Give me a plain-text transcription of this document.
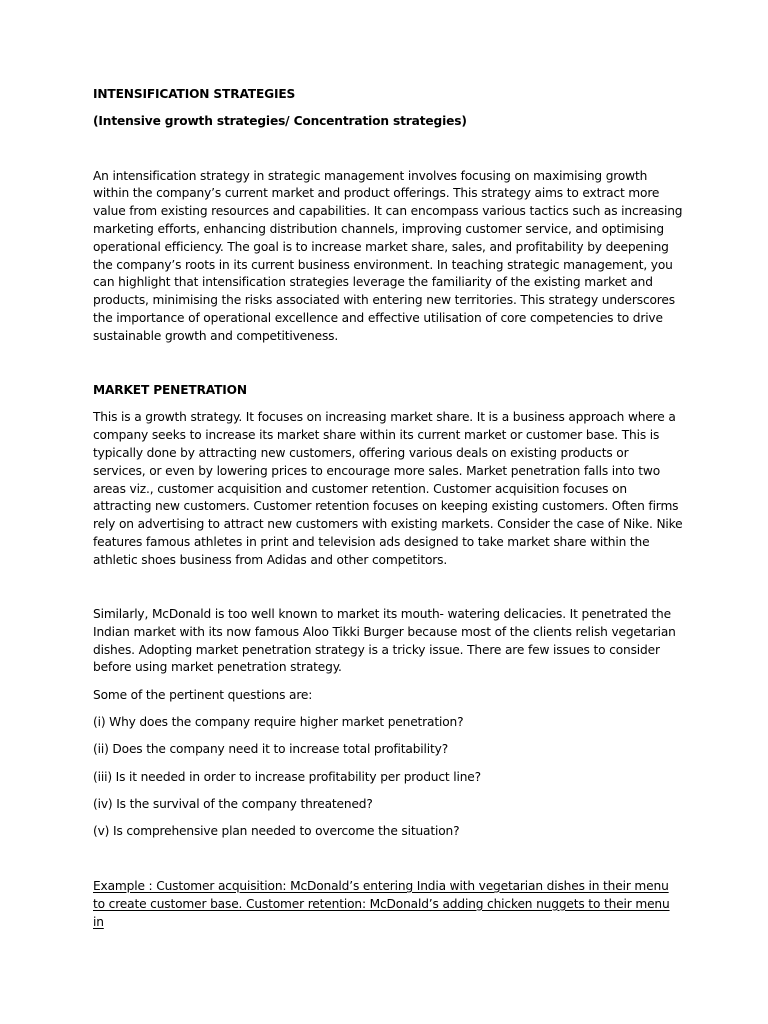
INTENSIFICATION STRATEGIES

(Intensive growth strategies/ Concentration strategies)

An intensification strategy in strategic management involves focusing on maximising growth within the company’s current market and product offerings. This strategy aims to extract more value from existing resources and capabilities. It can encompass various tactics such as increasing marketing efforts, enhancing distribution channels, improving customer service, and optimising operational efficiency. The goal is to increase market share, sales, and profitability by deepening the company’s roots in its current business environment. In teaching strategic management, you can highlight that intensification strategies leverage the familiarity of the existing market and products, minimising the risks associated with entering new territories. This strategy underscores the importance of operational excellence and effective utilisation of core competencies to drive sustainable growth and competitiveness.

MARKET PENETRATION

This is a growth strategy. It focuses on increasing market share. It is a business approach where a company seeks to increase its market share within its current market or customer base. This is typically done by attracting new customers, offering various deals on existing products or services, or even by lowering prices to encourage more sales. Market penetration falls into two areas viz., customer acquisition and customer retention. Customer acquisition focuses on attracting new customers. Customer retention focuses on keeping existing customers. Often firms rely on advertising to attract new customers with existing markets. Consider the case of Nike. Nike features famous athletes in print and television ads designed to take market share within the athletic shoes business from Adidas and other competitors.

Similarly, McDonald is too well known to market its mouth- watering delicacies. It penetrated the Indian market with its now famous Aloo Tikki Burger because most of the clients relish vegetarian dishes. Adopting market penetration strategy is a tricky issue. There are few issues to consider before using market penetration strategy.

Some of the pertinent questions are:

(i) Why does the company require higher market penetration?

(ii) Does the company need it to increase total profitability?

(iii) Is it needed in order to increase profitability per product line?

(iv) Is the survival of the company threatened?

(v) Is comprehensive plan needed to overcome the situation?

Example : Customer acquisition: McDonald’s entering India with vegetarian dishes in their menu to create customer base. Customer retention: McDonald’s adding chicken nuggets to their menu in
